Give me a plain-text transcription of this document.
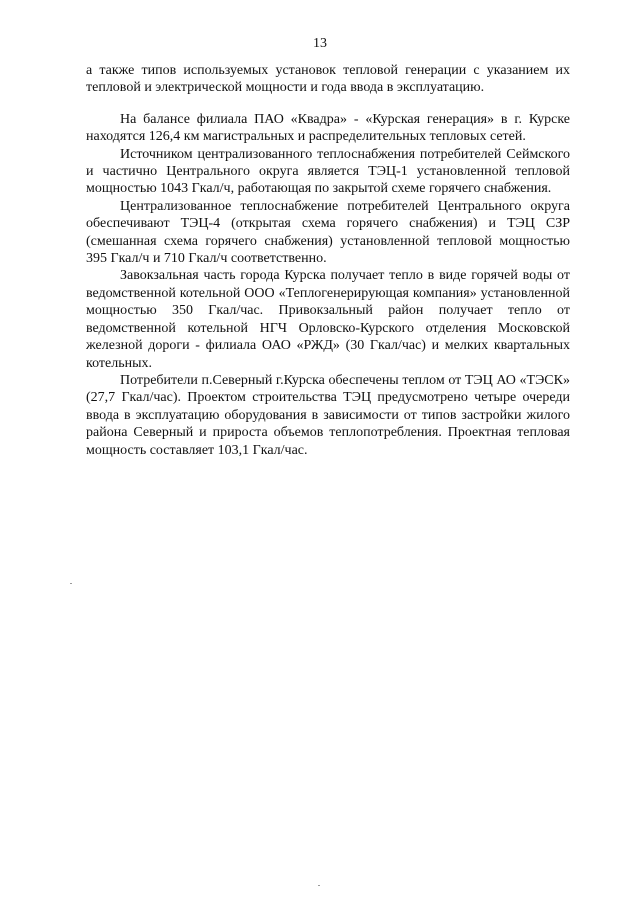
13

а также типов используемых установок тепловой генерации с указанием их тепловой и электрической мощности и года ввода в эксплуатацию.

На балансе филиала ПАО «Квадра» - «Курская генерация» в г. Курске находятся 126,4 км магистральных и распределительных тепловых сетей.

Источником централизованного теплоснабжения потребителей Сеймского и частично Центрального округа является ТЭЦ-1 установленной тепловой мощностью 1043 Гкал/ч, работающая по закрытой схеме горячего снабжения.

Централизованное теплоснабжение потребителей Центрального округа обеспечивают ТЭЦ-4 (открытая схема горячего снабжения) и ТЭЦ СЗР (смешанная схема горячего снабжения) установленной тепловой мощностью 395 Гкал/ч и 710 Гкал/ч соответственно.

Завокзальная часть города Курска получает тепло в виде горячей воды от ведомственной котельной ООО «Теплогенерирующая компания» установленной мощностью 350 Гкал/час. Привокзальный район получает тепло от ведомственной котельной НГЧ Орловско-Курского отделения Московской железной дороги - филиала ОАО «РЖД» (30 Гкал/час) и мелких квартальных котельных.

Потребители п.Северный г.Курска обеспечены теплом от ТЭЦ АО «ТЭСК» (27,7 Гкал/час). Проектом строительства ТЭЦ предусмотрено четыре очереди ввода в эксплуатацию оборудования в зависимости от типов застройки жилого района Северный и прироста объемов теплопотребления. Проектная тепловая мощность составляет 103,1 Гкал/час.
